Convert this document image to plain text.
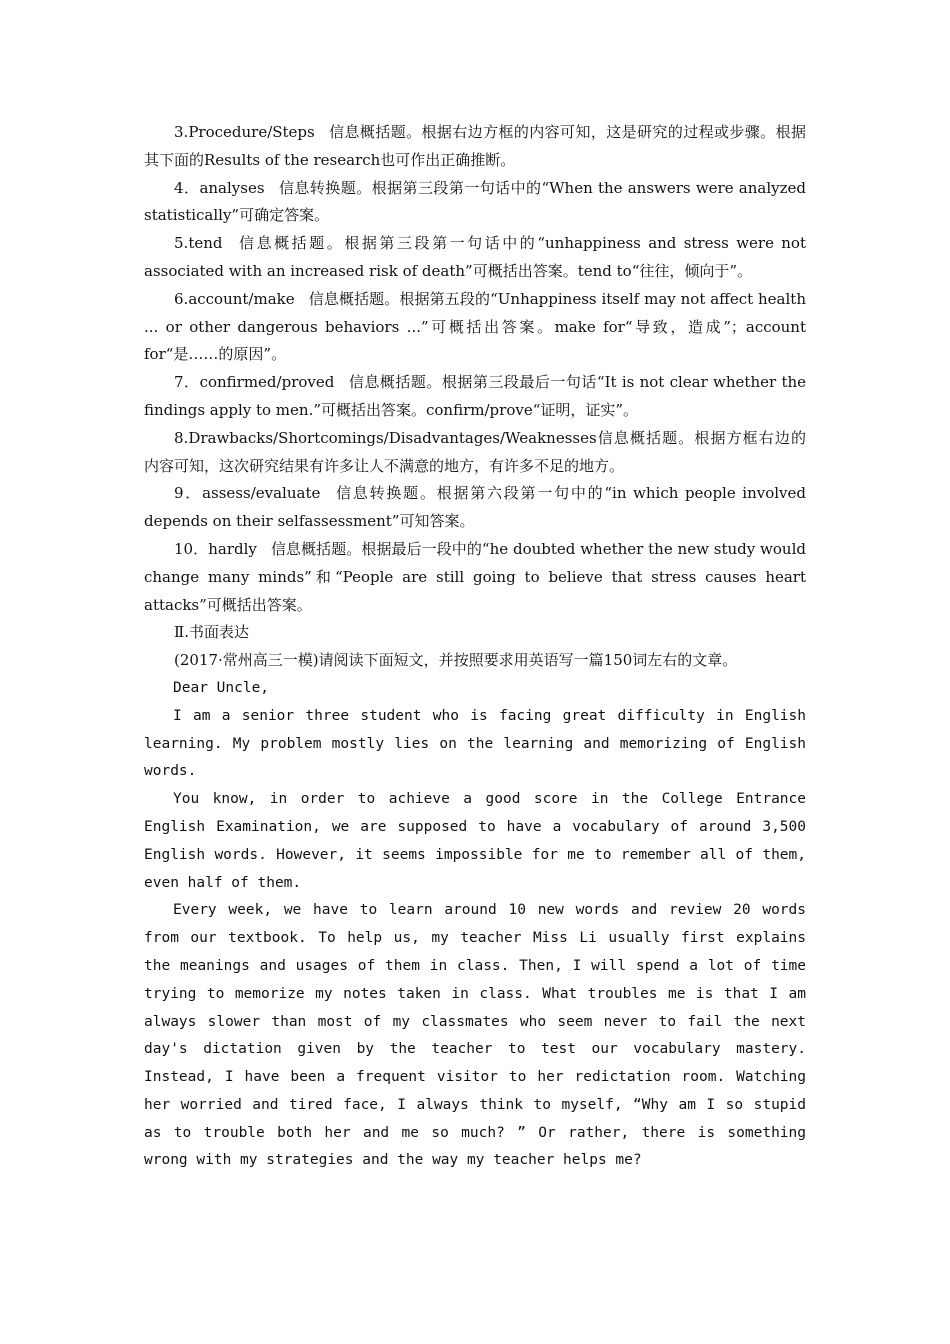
3.Procedure/Steps 信息概括题。根据右边方框的内容可知，这是研究的过程或步骤。根据其下面的Results of the research也可作出正确推断。

4．analyses 信息转换题。根据第三段第一句话中的“When the answers were analyzed statistically”可确定答案。

5.tend 信息概括题。根据第三段第一句话中的“unhappiness and stress were not associated with an increased risk of death”可概括出答案。tend to“往往，倾向于”。

6.account/make 信息概括题。根据第五段的“Unhappiness itself may not affect health ... or other dangerous behaviors ...”可概括出答案。make for“导致，造成”；account for“是……的原因”。

7．confirmed/proved 信息概括题。根据第三段最后一句话“It is not clear whether the findings apply to men.”可概括出答案。confirm/prove“证明，证实”。

8.Drawbacks/Shortcomings/Disadvantages/Weaknesses信息概括题。根据方框右边的内容可知，这次研究结果有许多让人不满意的地方，有许多不足的地方。

9．assess/evaluate 信息转换题。根据第六段第一句中的“in which people involved depends on their selfassessment”可知答案。

10．hardly 信息概括题。根据最后一段中的“he doubted whether the new study would change many minds”和“People are still going to believe that stress causes heart attacks”可概括出答案。

Ⅱ.书面表达

(2017·常州高三一模)请阅读下面短文，并按照要求用英语写一篇150词左右的文章。

Dear Uncle,

I am a senior three student who is facing great difficulty in English learning. My problem mostly lies on the learning and memorizing of English words.

You know, in order to achieve a good score in the College Entrance English Examination, we are supposed to have a vocabulary of around 3,500 English words. However, it seems impossible for me to remember all of them, even half of them.

Every week, we have to learn around 10 new words and review 20 words from our textbook. To help us, my teacher Miss Li usually first explains the meanings and usages of them in class. Then, I will spend a lot of time trying to memorize my notes taken in class. What troubles me is that I am always slower than most of my classmates who seem never to fail the next day's dictation given by the teacher to test our vocabulary mastery. Instead, I have been a frequent visitor to her redictation room. Watching her worried and tired face, I always think to myself, “Why am I so stupid as to trouble both her and me so much? ” Or rather, there is something wrong with my strategies and the way my teacher helps me?
